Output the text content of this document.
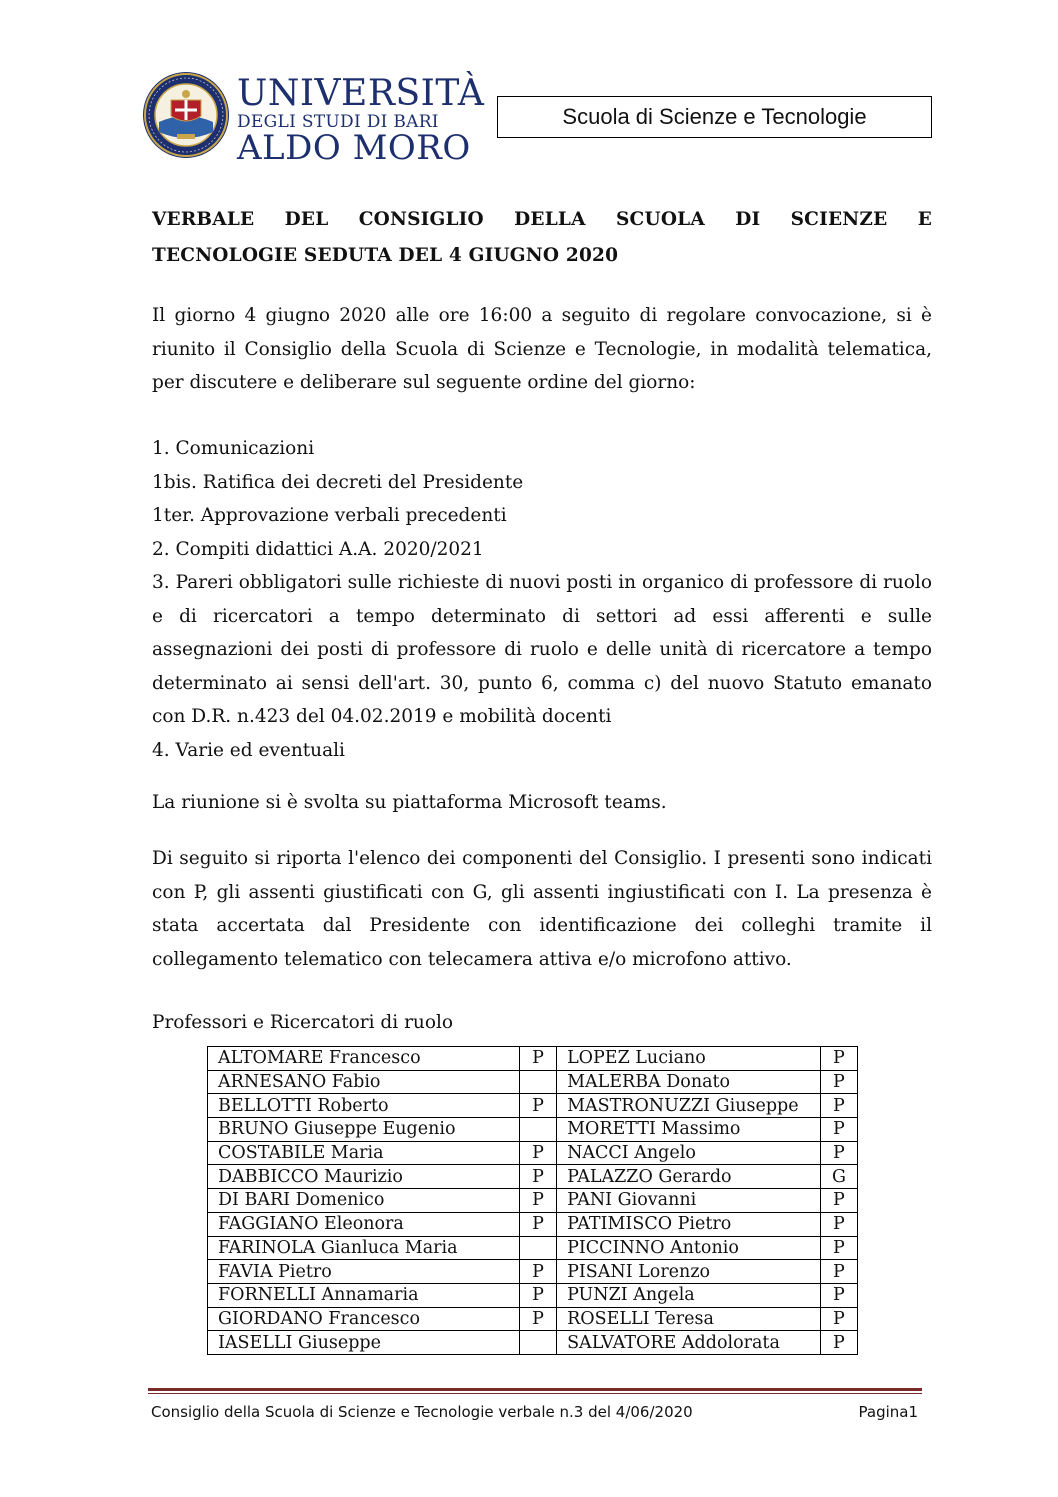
UNIVERSITÀ
DEGLI STUDI DI BARI
ALDO MORO
Scuola di Scienze e Tecnologie
VERBALE DEL CONSIGLIO DELLA SCUOLA DI SCIENZE E
TECNOLOGIE SEDUTA DEL 4 GIUGNO 2020
Il giorno 4 giugno 2020 alle ore 16:00 a seguito di regolare convocazione, si è riunito il Consiglio della Scuola di Scienze e Tecnologie, in modalità telematica, per discutere e deliberare sul seguente ordine del giorno:
1. Comunicazioni
1bis. Ratifica dei decreti del Presidente
1ter. Approvazione verbali precedenti
2. Compiti didattici A.A. 2020/2021
3. Pareri obbligatori sulle richieste di nuovi posti in organico di professore di ruolo e di ricercatori a tempo determinato di settori ad essi afferenti e sulle assegnazioni dei posti di professore di ruolo e delle unità di ricercatore a tempo determinato ai sensi dell'art. 30, punto 6, comma c) del nuovo Statuto emanato con D.R. n.423 del 04.02.2019 e mobilità docenti
4. Varie ed eventuali
La riunione si è svolta su piattaforma Microsoft teams.
Di seguito si riporta l'elenco dei componenti del Consiglio. I presenti sono indicati con P, gli assenti giustificati con G, gli assenti ingiustificati con I. La presenza è stata accertata dal Presidente con identificazione dei colleghi tramite il collegamento telematico con telecamera attiva e/o microfono attivo.
Professori e Ricercatori di ruolo
ALTOMARE Francesco	P	LOPEZ Luciano	P
ARNESANO Fabio		MALERBA Donato	P
BELLOTTI Roberto	P	MASTRONUZZI Giuseppe	P
BRUNO Giuseppe Eugenio		MORETTI Massimo	P
COSTABILE Maria	P	NACCI Angelo	P
DABBICCO Maurizio	P	PALAZZO Gerardo	G
DI BARI Domenico	P	PANI Giovanni	P
FAGGIANO Eleonora	P	PATIMISCO Pietro	P
FARINOLA Gianluca Maria		PICCINNO Antonio	P
FAVIA Pietro	P	PISANI Lorenzo	P
FORNELLI Annamaria	P	PUNZI Angela	P
GIORDANO Francesco	P	ROSELLI Teresa	P
IASELLI Giuseppe		SALVATORE Addolorata	P
Consiglio della Scuola di Scienze e Tecnologie verbale n.3 del 4/06/2020	Pagina1
